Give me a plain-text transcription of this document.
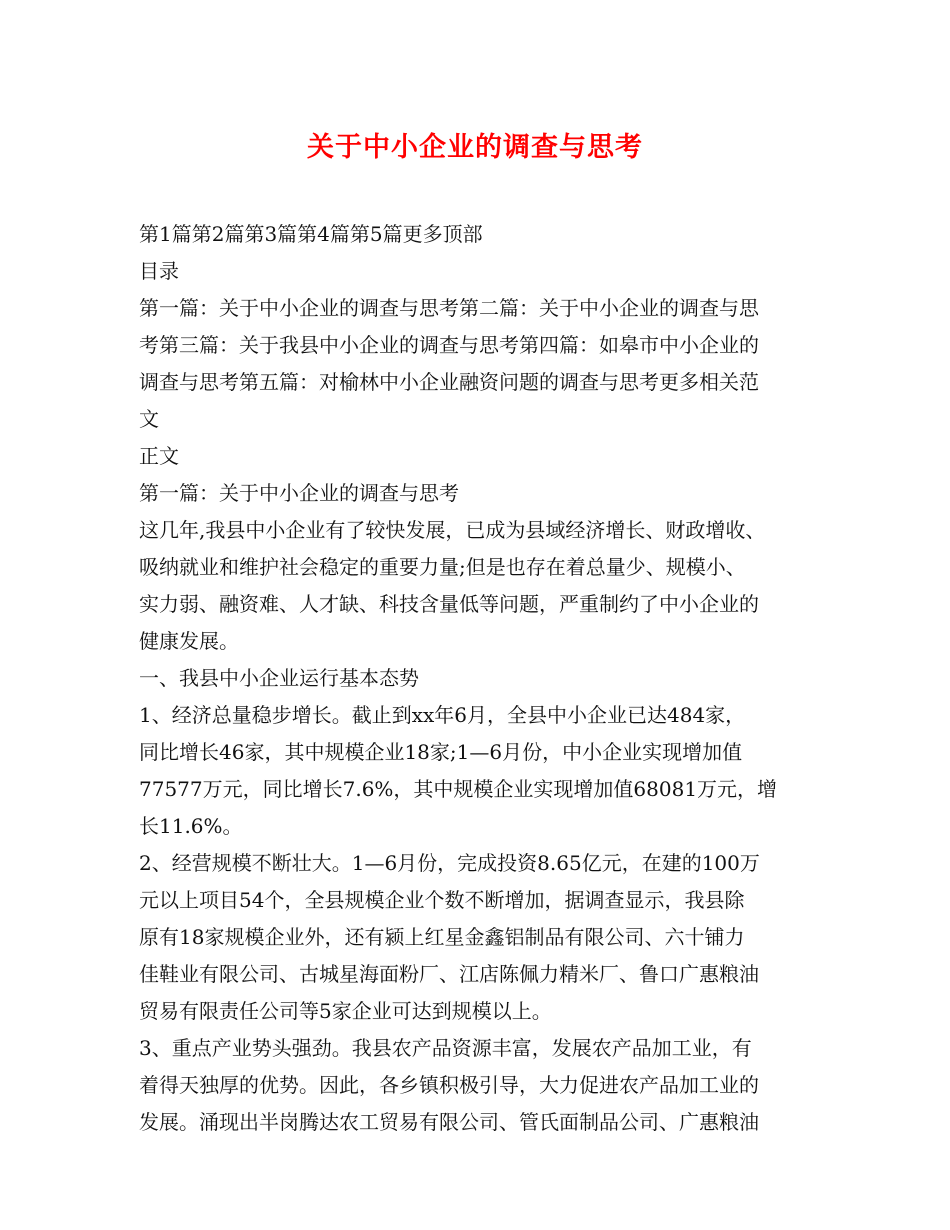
关于中小企业的调查与思考

第1篇第2篇第3篇第4篇第5篇更多顶部

目录

第一篇：关于中小企业的调查与思考第二篇：关于中小企业的调查与思

考第三篇：关于我县中小企业的调查与思考第四篇：如皋市中小企业的

调查与思考第五篇：对榆林中小企业融资问题的调查与思考更多相关范

文

正文

第一篇：关于中小企业的调查与思考

这几年,我县中小企业有了较快发展，已成为县域经济增长、财政增收、

吸纳就业和维护社会稳定的重要力量;但是也存在着总量少、规模小、

实力弱、融资难、人才缺、科技含量低等问题，严重制约了中小企业的

健康发展。

一、我县中小企业运行基本态势

1、经济总量稳步增长。截止到xx年6月，全县中小企业已达484家，

同比增长46家，其中规模企业18家;1—6月份，中小企业实现增加值

77577万元，同比增长7.6%，其中规模企业实现增加值68081万元，增

长11.6%。

2、经营规模不断壮大。1—6月份，完成投资8.65亿元，在建的100万

元以上项目54个，全县规模企业个数不断增加，据调查显示，我县除

原有18家规模企业外，还有颍上红星金鑫铝制品有限公司、六十铺力

佳鞋业有限公司、古城星海面粉厂、江店陈佩力精米厂、鲁口广惠粮油

贸易有限责任公司等5家企业可达到规模以上。

3、重点产业势头强劲。我县农产品资源丰富，发展农产品加工业，有

着得天独厚的优势。因此，各乡镇积极引导，大力促进农产品加工业的

发展。涌现出半岗腾达农工贸易有限公司、管氏面制品公司、广惠粮油
